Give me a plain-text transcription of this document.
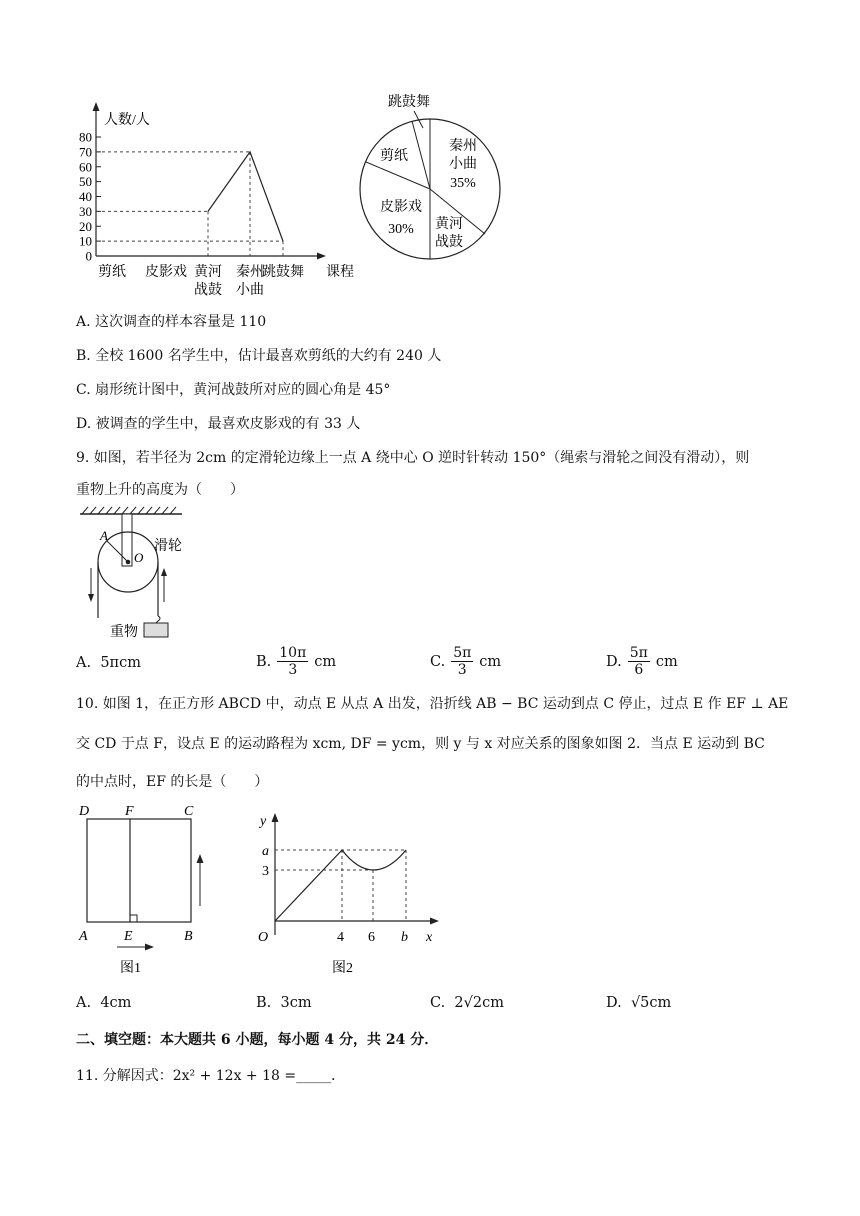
人数/人
课程
80
70
60
50
40
30
20
10
0
剪纸 皮影戏 黄河
战鼓
秦州
小曲
跳鼓舞
跳鼓舞
秦州
小曲
35%
剪纸
皮影戏
30% 黄河
战鼓
A. 这次调查的样本容量是 110
B. 全校 1600 名学生中，估计最喜欢剪纸的大约有 240 人
C. 扇形统计图中，黄河战鼓所对应的圆心角是 45°
D. 被调查的学生中，最喜欢皮影戏的有 33 人
9. 如图，若半径为 2cm 的定滑轮边缘上一点 A 绕中心 O 逆时针转动 150°（绳索与滑轮之间没有滑动），则
重物上升的高度为（　　）
A
O
滑轮
重物
A. 5πcm	B. $\frac{10\pi}{3}$ cm	C. $\frac{5\pi}{3}$ cm	D. $\frac{5\pi}{6}$ cm
10. 如图 1，在正方形 ABCD 中，动点 E 从点 A 出发，沿折线 AB − BC 运动到点 C 停止，过点 E 作 EF ⊥ AE
交 CD 于点 F，设点 E 的运动路程为 xcm, DF = ycm，则 y 与 x 对应关系的图象如图 2．当点 E 运动到 BC
的中点时，EF 的长是（　　）
D	F	C
A	E	B
图1
y
a
3
O	4 6 b x
图2
A. 4cm	B. 3cm	C. 2√2cm	D. √5cm
二、填空题：本大题共 6 小题，每小题 4 分，共 24 分．
11. 分解因式：2x² + 12x + 18 =_____．
